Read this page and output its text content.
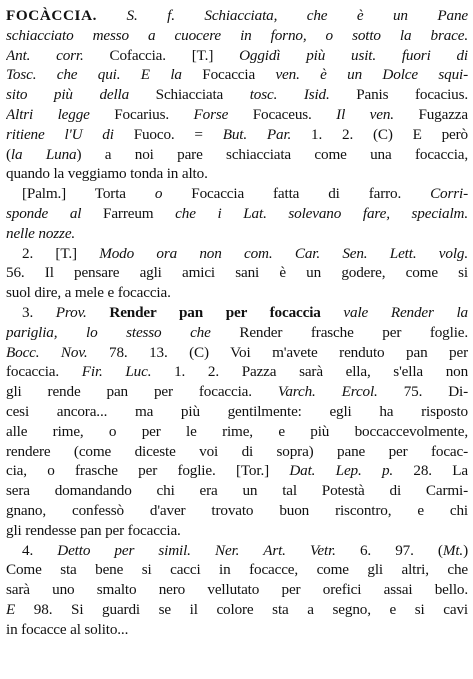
FOCÀCCIA. S. f. Schiacciata, che è un Pane
schiacciato messo a cuocere in forno, o sotto la brace.
Ant. corr. Cofaccia. [T.] Oggidì più usit. fuori di
Tosc. che qui. E la Focaccia ven. è un Dolce squi-
sito più della Schiacciata tosc. Isid. Panis focacius.
Altri legge Focarius. Forse Focaceus. Il ven. Fugazza
ritiene l'U di Fuoco. = But. Par. 1. 2. (C) E però
(la Luna) a noi pare schiacciata come una focaccia,
quando la veggiamo tonda in alto.
[Palm.] Torta o Focaccia fatta di farro. Corri-
sponde al Farreum che i Lat. solevano fare, specialm.
nelle nozze.
2. [T.] Modo ora non com. Car. Sen. Lett. volg.
56. Il pensare agli amici sani è un godere, come si
suol dire, a mele e focaccia.
3. Prov. Render pan per focaccia vale Render la
pariglia, lo stesso che Render frasche per foglie.
Bocc. Nov. 78. 13. (C) Voi m'avete renduto pan per
focaccia. Fir. Luc. 1. 2. Pazza sarà ella, s'ella non
gli rende pan per focaccia. Varch. Ercol. 75. Di-
cesi ancora... ma più gentilmente: egli ha risposto
alle rime, o per le rime, e più boccaccevolmente,
rendere (come diceste voi di sopra) pane per focac-
cia, o frasche per foglie. [Tor.] Dat. Lep. p. 28. La
sera domandando chi era un tal Potestà di Carmi-
gnano, confessò d'aver trovato buon riscontro, e chi
gli rendesse pan per focaccia.
4. Detto per simil. Ner. Art. Vetr. 6. 97. (Mt.)
Come sta bene si cacci in focacce, come gli altri, che
sarà uno smalto nero vellutato per orefici assai bello.
E 98. Si guardi se il colore sta a segno, e si cavi
in focacce al solito...
